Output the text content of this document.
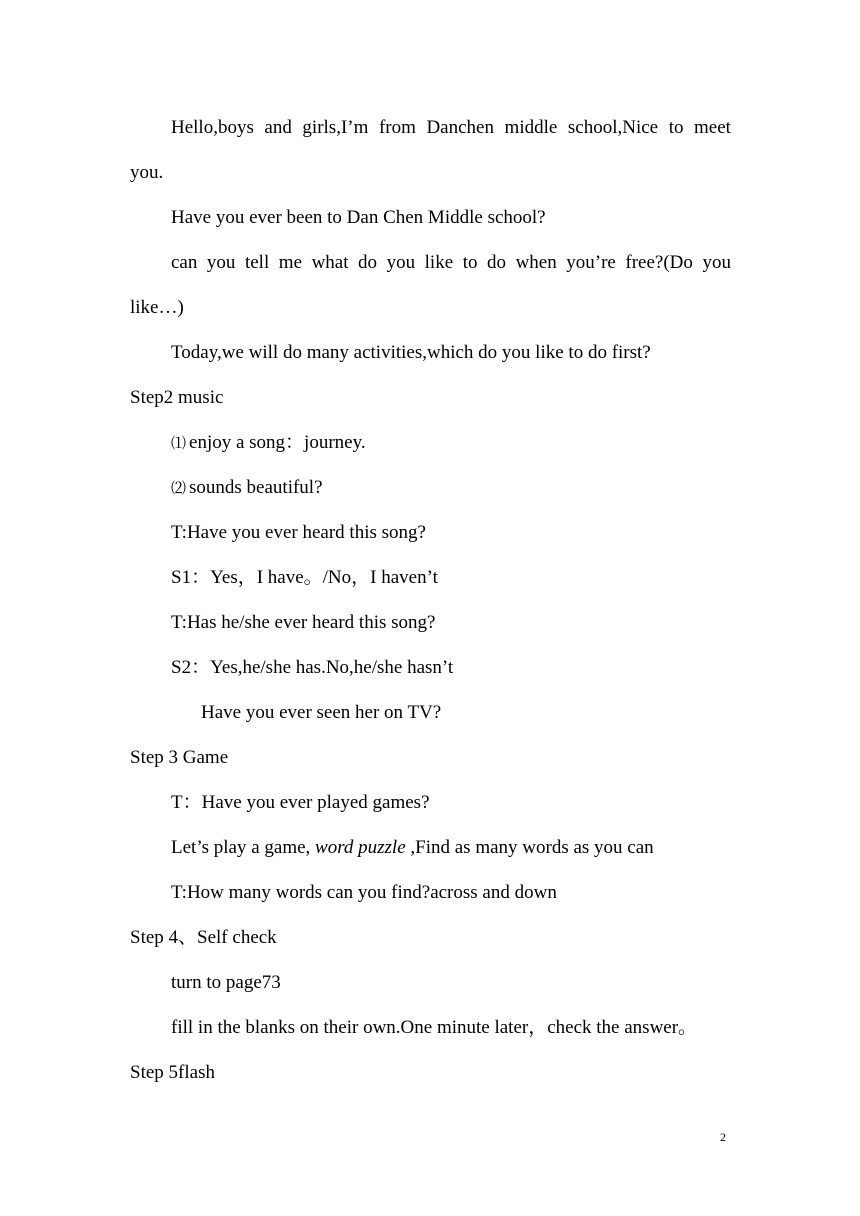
Hello,boys and girls,I’m from Danchen middle school,Nice to meet
you.
Have you ever been to Dan Chen Middle school?
can you tell me what do you like to do when you’re free?(Do you
like…)
Today,we will do many activities,which do you like to do first?
Step2 music
⑴ enjoy a song：journey.
⑵ sounds beautiful?
T:Have you ever heard this song?
S1：Yes，I have。/No，I haven’t
T:Has he/she ever heard this song?
S2：Yes,he/she has.No,he/she hasn’t
Have you ever seen her on TV?
Step 3 Game
T：Have you ever played games?
Let’s play a game, word puzzle ,Find as many words as you can
T:How many words can you find?across and down
Step 4、Self check
turn to page73
fill in the blanks on their own.One minute later，check the answer。
Step 5flash
2
